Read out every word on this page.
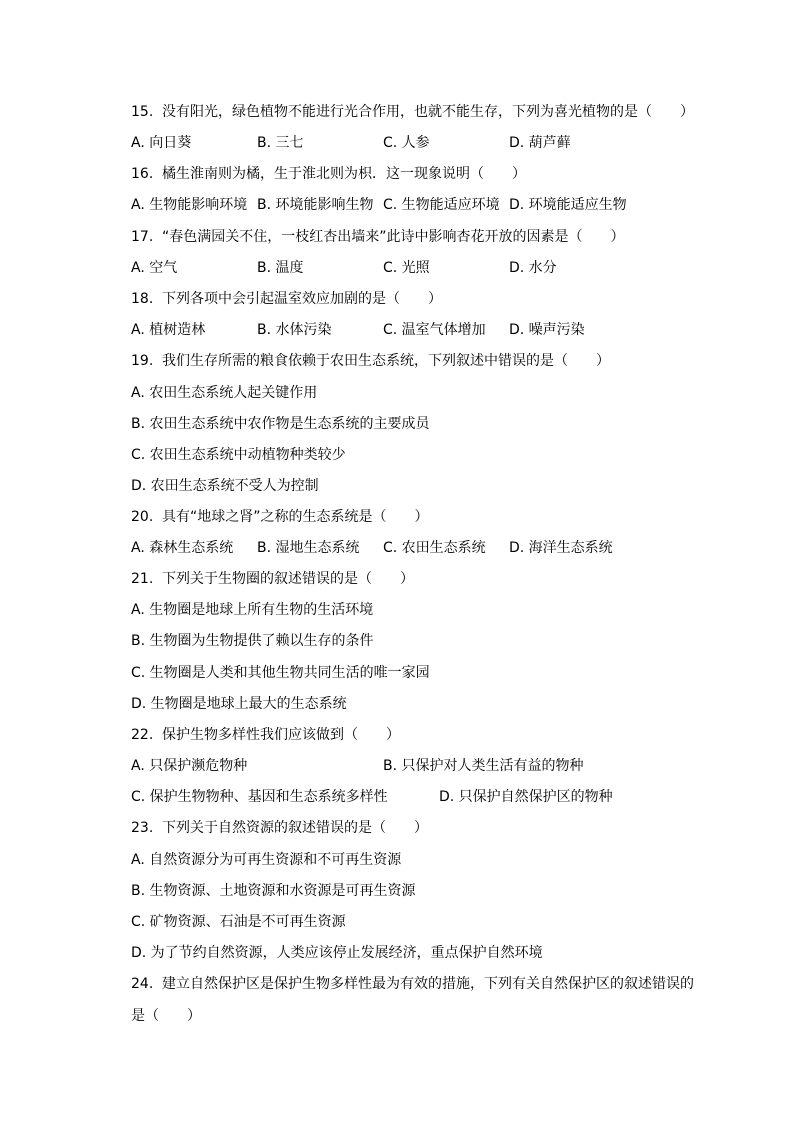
15. 没有阳光，绿色植物不能进行光合作用，也就不能生存，下列为喜光植物的是（　　）
A. 向日葵	B. 三七	C. 人参	D. 葫芦藓
16. 橘生淮南则为橘，生于淮北则为枳．这一现象说明（　　）
A. 生物能影响环境 B. 环境能影响生物 C. 生物能适应环境 D. 环境能适应生物
17. “春色满园关不住，一枝红杏出墙来”此诗中影响杏花开放的因素是（　　）
A. 空气	B. 温度	C. 光照	D. 水分
18. 下列各项中会引起温室效应加剧的是（　　）
A. 植树造林	B. 水体污染	C. 温室气体增加 D. 噪声污染
19. 我们生存所需的粮食依赖于农田生态系统，下列叙述中错误的是（　　）
A. 农田生态系统人起关键作用
B. 农田生态系统中农作物是生态系统的主要成员
C. 农田生态系统中动植物种类较少
D. 农田生态系统不受人为控制
20. 具有“地球之肾”之称的生态系统是（　　）
A. 森林生态系统 B. 湿地生态系统 C. 农田生态系统 D. 海洋生态系统
21. 下列关于生物圈的叙述错误的是（　　）
A. 生物圈是地球上所有生物的生活环境
B. 生物圈为生物提供了赖以生存的条件
C. 生物圈是人类和其他生物共同生活的唯一家园
D. 生物圈是地球上最大的生态系统
22. 保护生物多样性我们应该做到（　　）
A. 只保护濒危物种	B. 只保护对人类生活有益的物种
C. 保护生物物种、基因和生态系统多样性	D. 只保护自然保护区的物种
23. 下列关于自然资源的叙述错误的是（　　）
A. 自然资源分为可再生资源和不可再生资源
B. 生物资源、土地资源和水资源是可再生资源
C. 矿物资源、石油是不可再生资源
D. 为了节约自然资源，人类应该停止发展经济，重点保护自然环境
24. 建立自然保护区是保护生物多样性最为有效的措施，下列有关自然保护区的叙述错误的
是（　　）
